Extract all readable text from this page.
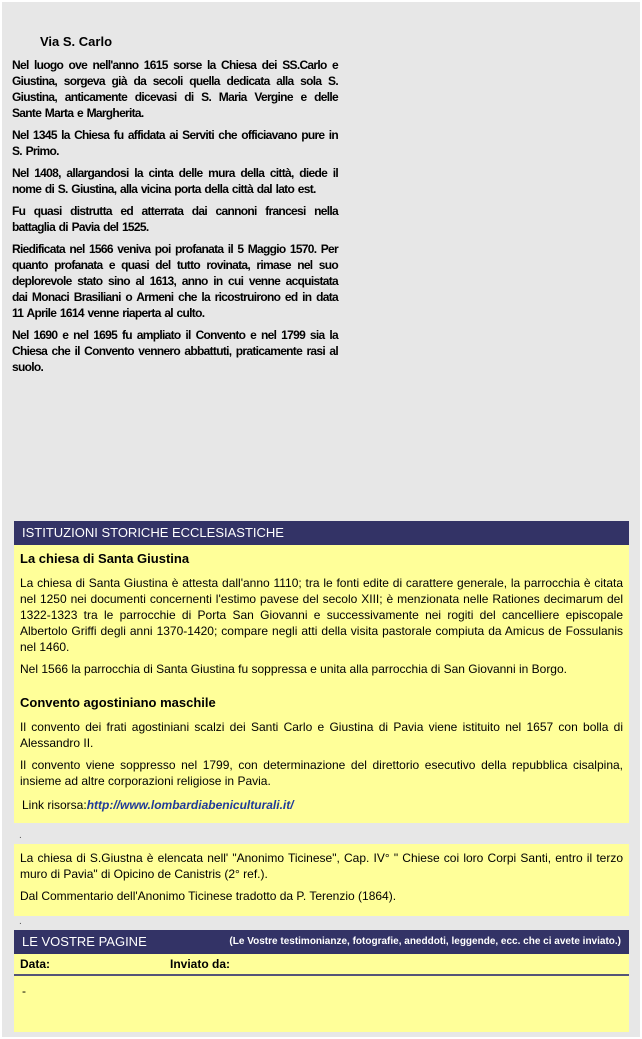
Via S. Carlo

Nel luogo ove nell'anno 1615 sorse la Chiesa dei SS.Carlo e Giustina, sorgeva già da secoli quella dedicata alla sola S. Giustina, anticamente dicevasi di S. Maria Vergine e delle Sante Marta e Margherita.

Nel 1345 la Chiesa fu affidata ai Serviti che officiavano pure in S. Primo.

Nel 1408, allargandosi la cinta delle mura della città, diede il nome di S. Giustina, alla vicina porta della città dal lato est.

Fu quasi distrutta ed atterrata dai cannoni francesi nella battaglia di Pavia del 1525.

Riedificata nel 1566 veniva poi profanata il 5 Maggio 1570. Per quanto profanata e quasi del tutto rovinata, rimase nel suo deplorevole stato sino al 1613, anno in cui venne acquistata dai Monaci Brasiliani o Armeni che la ricostruirono ed in data 11 Aprile 1614 venne riaperta al culto.

Nel 1690 e nel 1695 fu ampliato il Convento e nel 1799 sia la Chiesa che il Convento vennero abbattuti, praticamente rasi al suolo.

ISTITUZIONI STORICHE ECCLESIASTICHE
La chiesa di Santa Giustina

La chiesa di Santa Giustina è attesta dall'anno 1110; tra le fonti edite di carattere generale, la parrocchia è citata nel 1250 nei documenti concernenti l'estimo pavese del secolo XIII; è menzionata nelle Rationes decimarum del 1322-1323 tra le parrocchie di Porta San Giovanni e successivamente nei rogiti del cancelliere episcopale Albertolo Griffi degli anni 1370-1420; compare negli atti della visita pastorale compiuta da Amicus de Fossulanis nel 1460.

Nel 1566 la parrocchia di Santa Giustina fu soppressa e unita alla parrocchia di San Giovanni in Borgo.

Convento agostiniano maschile

Il convento dei frati agostiniani scalzi dei Santi Carlo e Giustina di Pavia viene istituito nel 1657 con bolla di Alessandro II.

Il convento viene soppresso nel 1799, con determinazione del direttorio esecutivo della repubblica cisalpina, insieme ad altre corporazioni religiose in Pavia.

Link risorsa:http://www.lombardiabeniculturali.it/
.

La chiesa di S.Giustna è elencata nell' "Anonimo Ticinese", Cap. IV° " Chiese coi loro Corpi Santi, entro il terzo muro di Pavia" di Opicino de Canistris (2° ref.).

Dal Commentario dell'Anonimo Ticinese tradotto da P. Terenzio (1864).

.
LE VOSTRE PAGINE	(Le Vostre testimonianze, fotografie, aneddoti, leggende, ecc. che ci avete inviato.)
Data:	Inviato da:
-
